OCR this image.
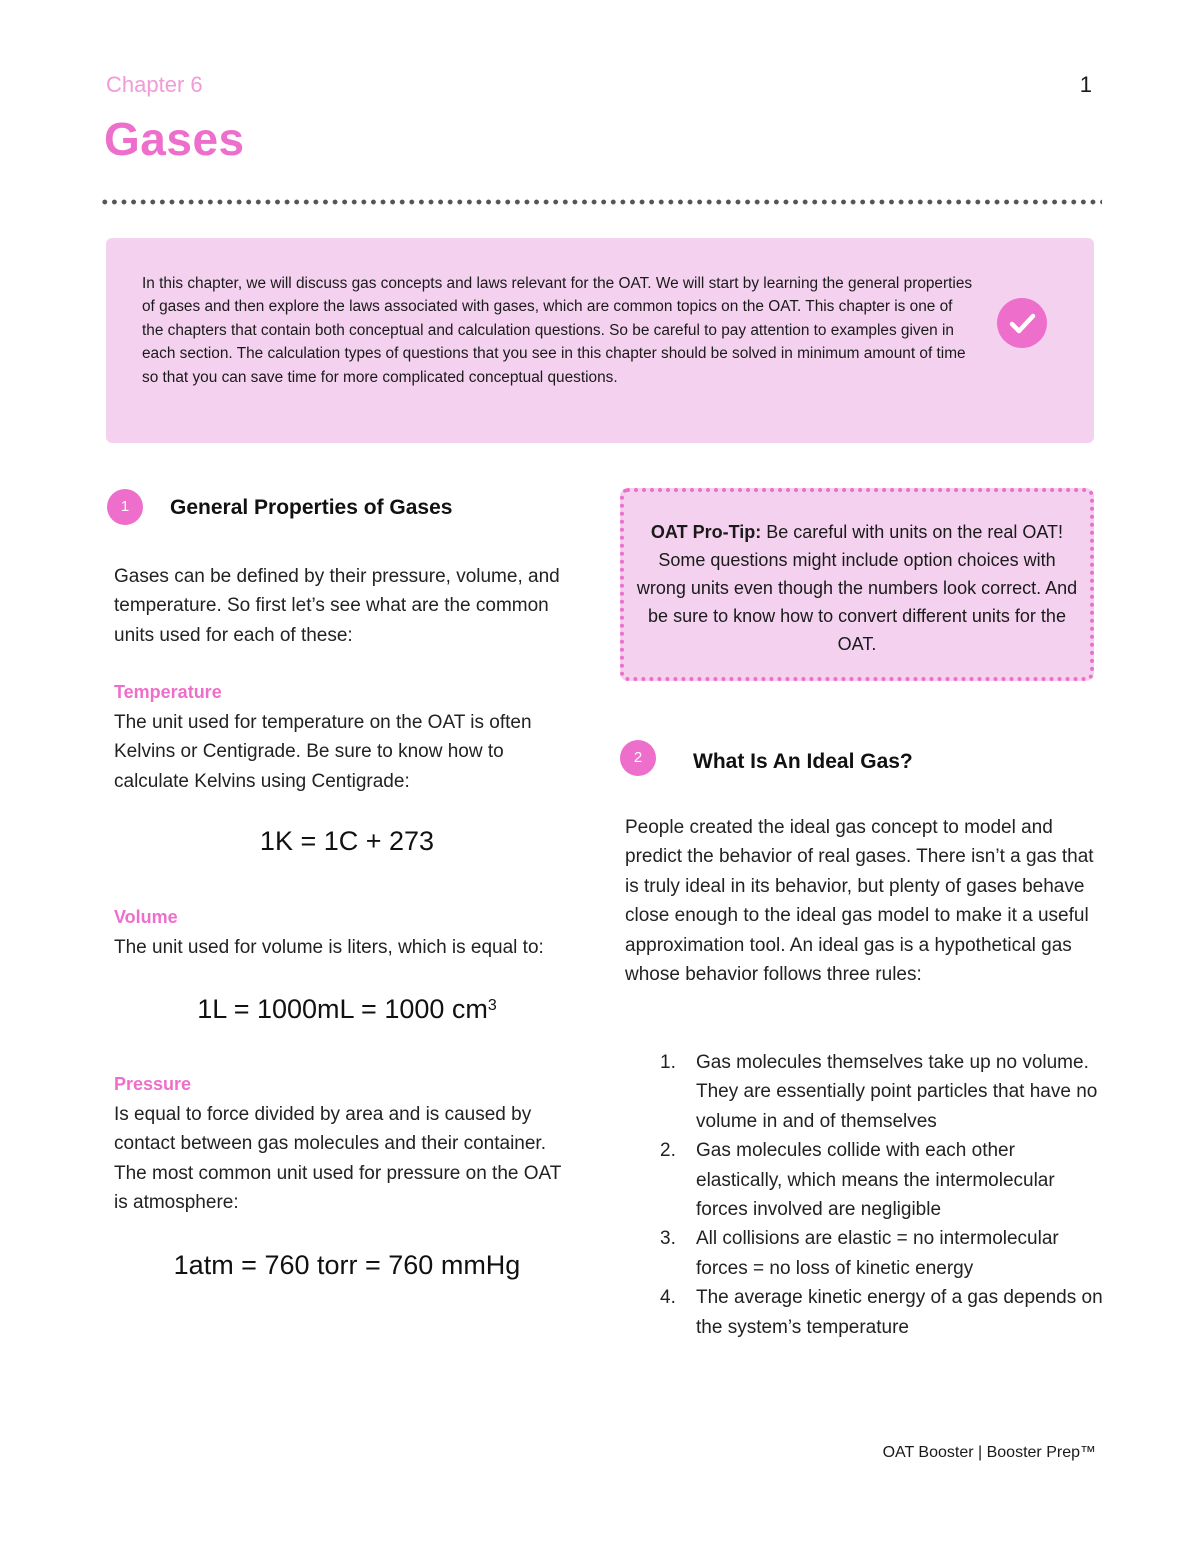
Chapter 6	1
Gases

In this chapter, we will discuss gas concepts and laws relevant for the OAT. We will start by learning the general properties of gases and then explore the laws associated with gases, which are common topics on the OAT. This chapter is one of the chapters that contain both conceptual and calculation questions. So be careful to pay attention to examples given in each section. The calculation types of questions that you see in this chapter should be solved in minimum amount of time so that you can save time for more complicated conceptual questions.

1	General Properties of Gases

Gases can be defined by their pressure, volume, and temperature. So first let’s see what are the common units used for each of these:

Temperature

The unit used for temperature on the OAT is often Kelvins or Centigrade. Be sure to know how to calculate Kelvins using Centigrade:

1K = 1C + 273
Volume

The unit used for volume is liters, which is equal to:

1L = 1000mL = 1000 $cm^3$
Pressure

Is equal to force divided by area and is caused by contact between gas molecules and their container. The most common unit used for pressure on the OAT is atmosphere:

1atm = 760 torr = 760 mmHg
OAT Pro-Tip: Be careful with units on the real OAT! Some questions might include option choices with wrong units even though the numbers look correct. And be sure to know how to convert different units for the OAT.
2	What Is An Ideal Gas?

People created the ideal gas concept to model and predict the behavior of real gases. There isn’t a gas that is truly ideal in its behavior, but plenty of gases behave close enough to the ideal gas model to make it a useful approximation tool. An ideal gas is a hypothetical gas whose behavior follows three rules:

1. Gas molecules themselves take up no volume. They are essentially point particles that have no volume in and of themselves
2. Gas molecules collide with each other elastically, which means the intermolecular forces involved are negligible
3. All collisions are elastic = no intermolecular forces = no loss of kinetic energy
4. The average kinetic energy of a gas depends on the system’s temperature
OAT Booster | Booster Prep™
